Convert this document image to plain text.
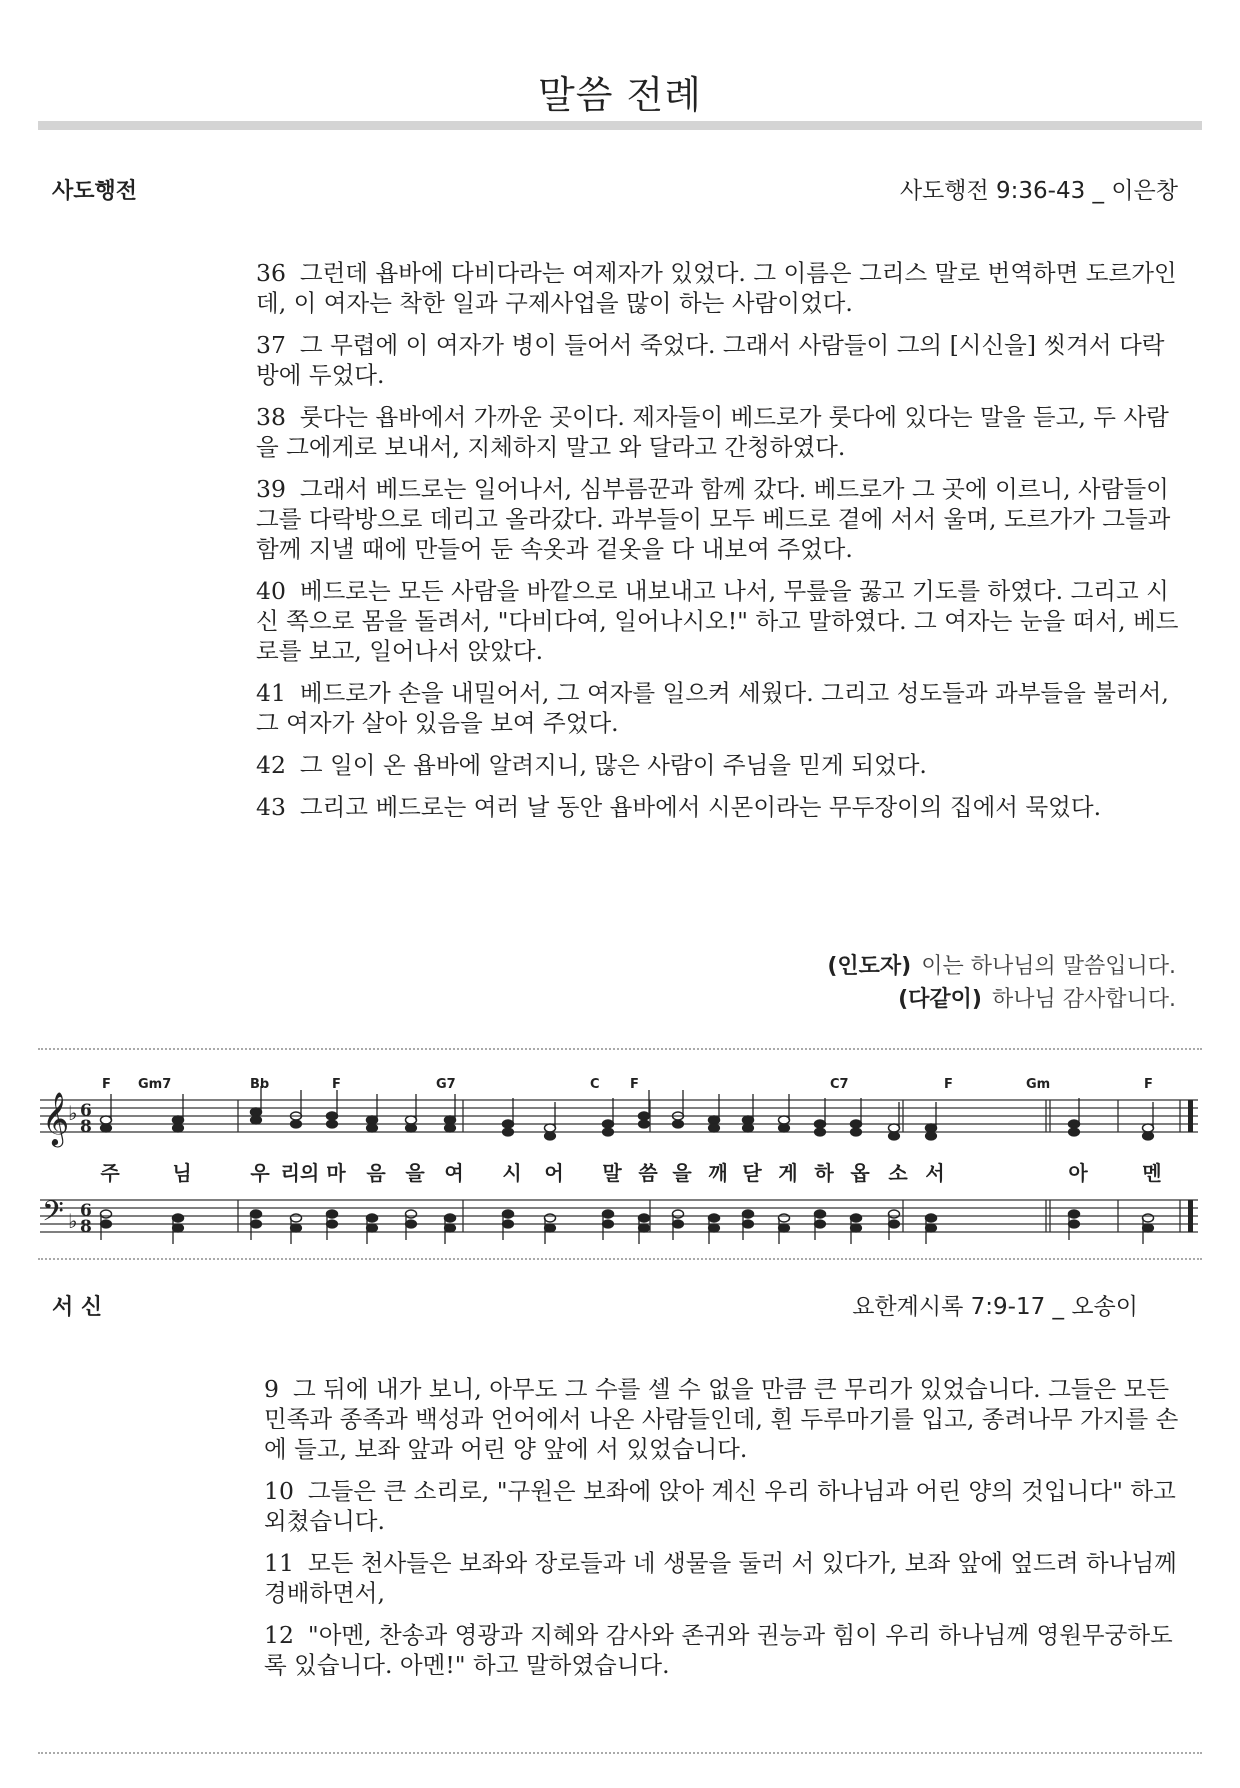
말씀 전례
사도행전	사도행전 9:36-43 _ 이은창
36 그런데 욥바에 다비다라는 여제자가 있었다. 그 이름은 그리스 말로 번역하면 도르가인데, 이 여자는 착한 일과 구제사업을 많이 하는 사람이었다.
37 그 무렵에 이 여자가 병이 들어서 죽었다. 그래서 사람들이 그의 [시신을] 씻겨서 다락방에 두었다.
38 룻다는 욥바에서 가까운 곳이다. 제자들이 베드로가 룻다에 있다는 말을 듣고, 두 사람을 그에게로 보내서, 지체하지 말고 와 달라고 간청하였다.
39 그래서 베드로는 일어나서, 심부름꾼과 함께 갔다. 베드로가 그 곳에 이르니, 사람들이 그를 다락방으로 데리고 올라갔다. 과부들이 모두 베드로 곁에 서서 울며, 도르가가 그들과 함께 지낼 때에 만들어 둔 속옷과 겉옷을 다 내보여 주었다.
40 베드로는 모든 사람을 바깥으로 내보내고 나서, 무릎을 꿇고 기도를 하였다. 그리고 시신 쪽으로 몸을 돌려서, "다비다여, 일어나시오!" 하고 말하였다. 그 여자는 눈을 떠서, 베드로를 보고, 일어나서 앉았다.
41 베드로가 손을 내밀어서, 그 여자를 일으켜 세웠다. 그리고 성도들과 과부들을 불러서, 그 여자가 살아 있음을 보여 주었다.
42 그 일이 온 욥바에 알려지니, 많은 사람이 주님을 믿게 되었다.
43 그리고 베드로는 여러 날 동안 욥바에서 시몬이라는 무두장이의 집에서 묵었다.
(인도자) 이는 하나님의 말씀입니다.
(다같이) 하나님 감사합니다.
𝄞
♭ 6
8
𝄢 ♭ 6
8
F Gm7	Bb	F	G7	C F	C7	F	Gm	F
주	님	우 리의 마 음 을 여 시 어 말 씀 을 깨 닫 게 하 옵 소 서	아	멘
서 신	요한계시록 7:9-17 _ 오송이
9 그 뒤에 내가 보니, 아무도 그 수를 셀 수 없을 만큼 큰 무리가 있었습니다. 그들은 모든 민족과 종족과 백성과 언어에서 나온 사람들인데, 흰 두루마기를 입고, 종려나무 가지를 손에 들고, 보좌 앞과 어린 양 앞에 서 있었습니다.
10 그들은 큰 소리로, "구원은 보좌에 앉아 계신 우리 하나님과 어린 양의 것입니다" 하고 외쳤습니다.
11 모든 천사들은 보좌와 장로들과 네 생물을 둘러 서 있다가, 보좌 앞에 엎드려 하나님께 경배하면서,
12 "아멘, 찬송과 영광과 지혜와 감사와 존귀와 권능과 힘이 우리 하나님께 영원무궁하도록 있습니다. 아멘!" 하고 말하였습니다.
